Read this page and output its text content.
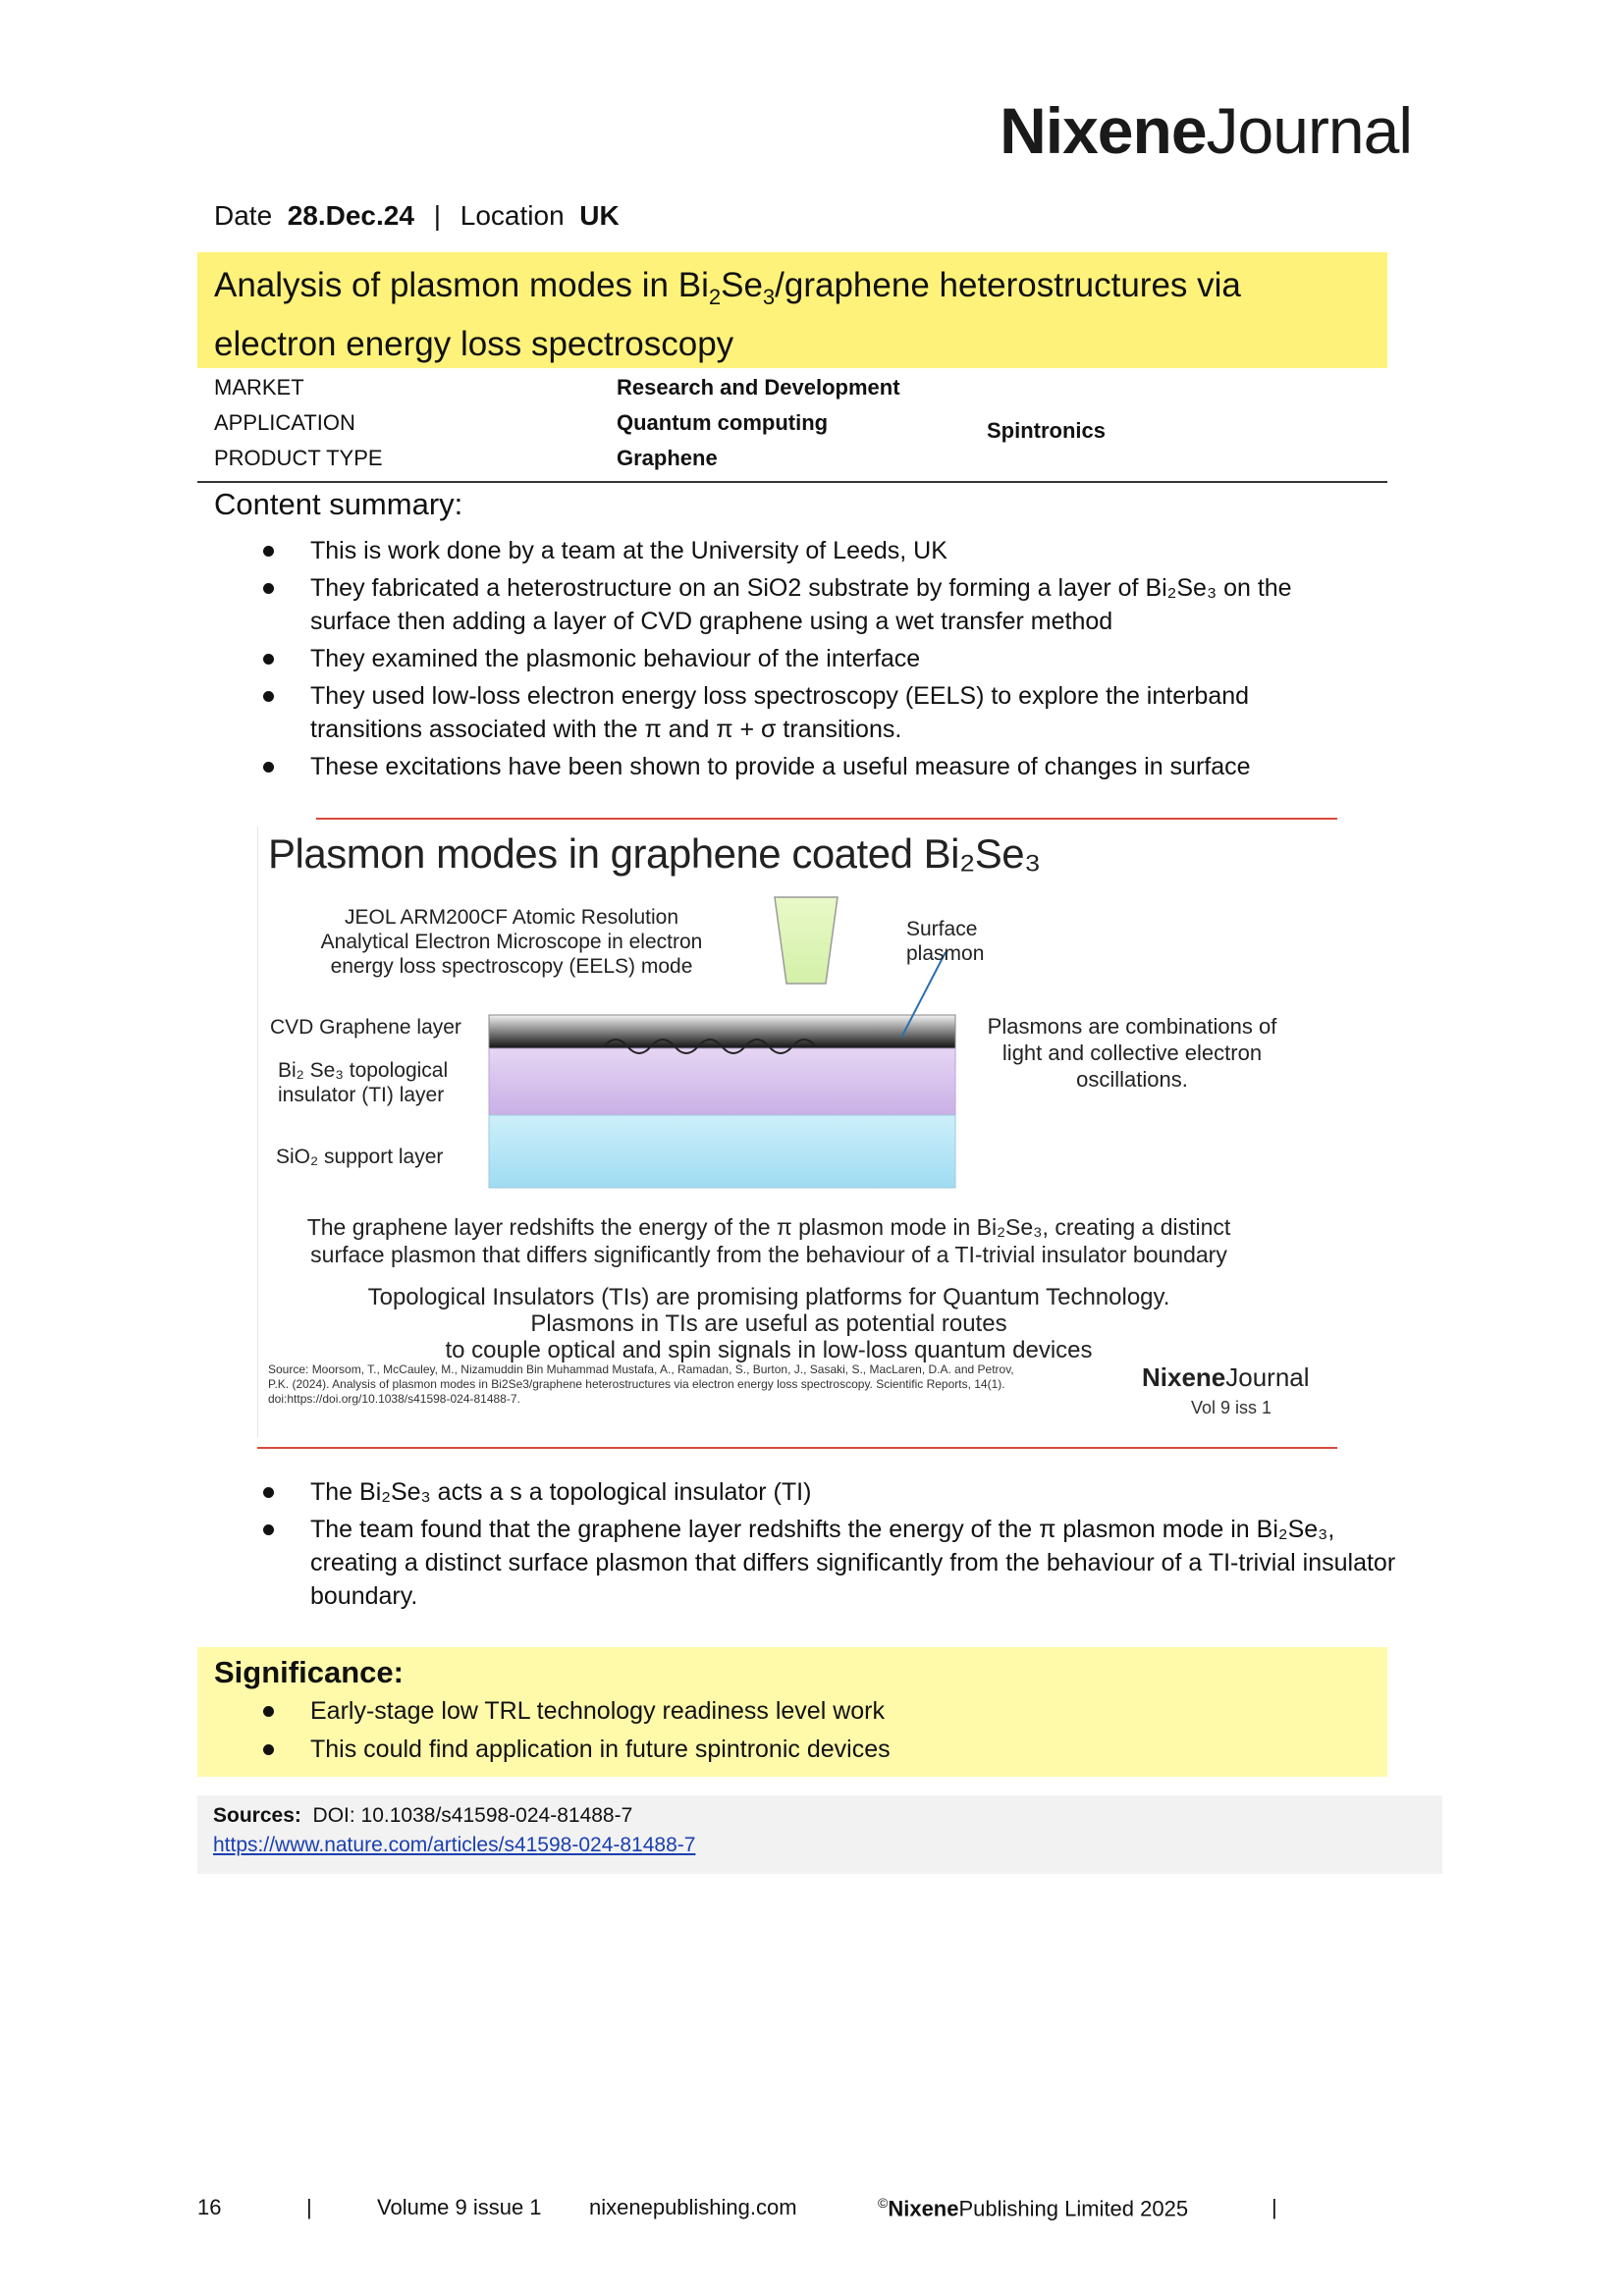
NixeneJournal
Date 28.Dec.24 | Location UK
Analysis of plasmon modes in $Bi_2Se_3$/graphene heterostructures via
electron energy loss spectroscopy
MARKET	Research and Development
APPLICATION	Quantum computing	Spintronics
PRODUCT TYPE	Graphene
Content summary:
This is work done by a team at the University of Leeds, UK
They fabricated a heterostructure on an SiO2 substrate by forming a layer of Bi₂Se₃ on the surface then adding a layer of CVD graphene using a wet transfer method
They examined the plasmonic behaviour of the interface
They used low-loss electron energy loss spectroscopy (EELS) to explore the interband transitions associated with the π and π + σ transitions.
These excitations have been shown to provide a useful measure of changes in surface
Plasmon modes in graphene coated Bi₂Se₃
JEOL ARM200CF Atomic Resolution Analytical Electron Microscope in electron energy loss spectroscopy (EELS) mode
Surface plasmon
CVD Graphene layer
Bi₂ Se₃ topological insulator (TI) layer
SiO₂ support layer
Plasmons are combinations of light and collective electron oscillations.
The graphene layer redshifts the energy of the π plasmon mode in Bi₂Se₃, creating a distinct surface plasmon that differs significantly from the behaviour of a TI-trivial insulator boundary
Topological Insulators (TIs) are promising platforms for Quantum Technology.
Plasmons in TIs are useful as potential routes
to couple optical and spin signals in low-loss quantum devices
Source: Moorsom, T., McCauley, M., Nizamuddin Bin Muhammad Mustafa, A., Ramadan, S., Burton, J., Sasaki, S., MacLaren, D.A. and Petrov, P.K. (2024). Analysis of plasmon modes in Bi2Se3/graphene heterostructures via electron energy loss spectroscopy. Scientific Reports, 14(1). doi:https://doi.org/10.1038/s41598-024-81488-7.
NixeneJournal
Vol 9 iss 1
The Bi₂Se₃ acts a s a topological insulator (TI)
The team found that the graphene layer redshifts the energy of the π plasmon mode in Bi₂Se₃, creating a distinct surface plasmon that differs significantly from the behaviour of a TI-trivial insulator boundary.
Significance:
Early-stage low TRL technology readiness level work
This could find application in future spintronic devices
Sources: DOI: 10.1038/s41598-024-81488-7
https://www.nature.com/articles/s41598-024-81488-7
16	|	Volume 9 issue 1 nixenepublishing.com	©NixenePublishing Limited 2025	|
